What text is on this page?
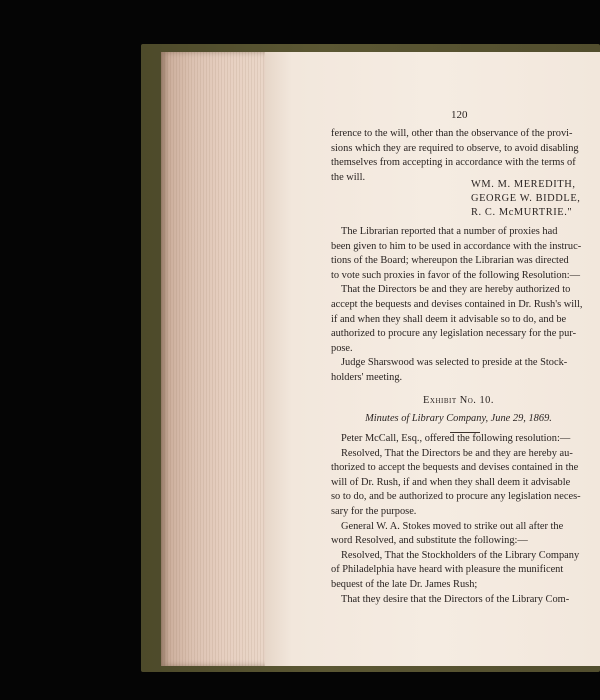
120
ference to the will, other than the observance of the provi-
sions which they are required to observe, to avoid disabling
themselves from accepting in accordance with the terms of
the will.
WM. M. MEREDITH,
GEORGE W. BIDDLE,
R. C. McMURTRIE."
The Librarian reported that a number of proxies had
been given to him to be used in accordance with the instruc-
tions of the Board; whereupon the Librarian was directed
to vote such proxies in favor of the following Resolution:—
That the Directors be and they are hereby authorized to
accept the bequests and devises contained in Dr. Rush's will,
if and when they shall deem it advisable so to do, and be
authorized to procure any legislation necessary for the pur-
pose.
Judge Sharswood was selected to preside at the Stock-
holders' meeting.
Exhibit No. 10.
Minutes of Library Company, June 29, 1869.
Peter McCall, Esq., offered the following resolution:—
Resolved, That the Directors be and they are hereby au-
thorized to accept the bequests and devises contained in the
will of Dr. Rush, if and when they shall deem it advisable
so to do, and be authorized to procure any legislation neces-
sary for the purpose.
General W. A. Stokes moved to strike out all after the
word Resolved, and substitute the following:—
Resolved, That the Stockholders of the Library Company
of Philadelphia have heard with pleasure the munificent
bequest of the late Dr. James Rush;
That they desire that the Directors of the Library Com-
